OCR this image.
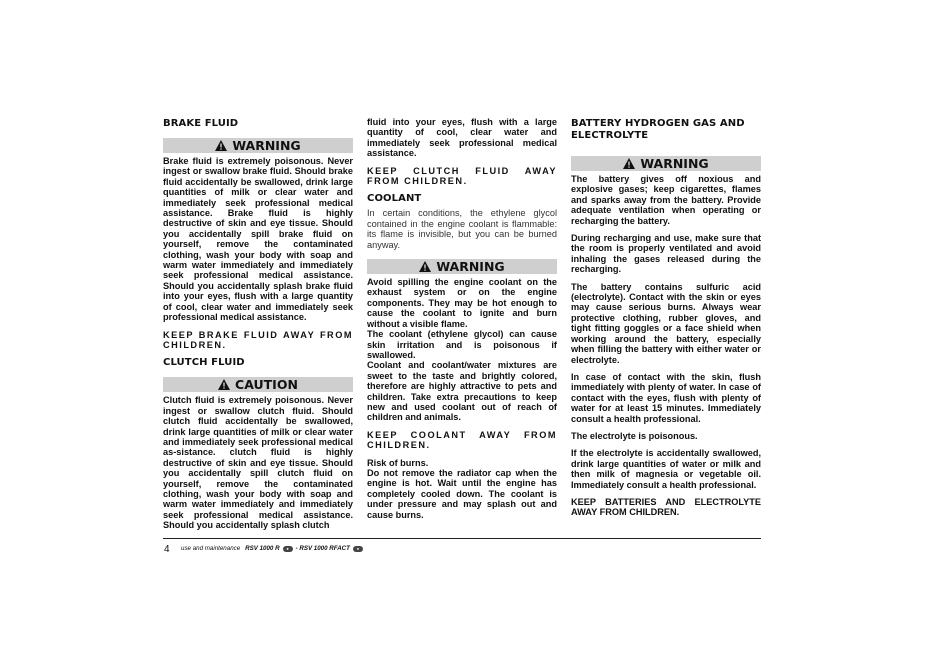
BRAKE FLUID
WARNING
Brake fluid is extremely poisonous. Never ingest or swallow brake fluid. Should brake fluid accidentally be swallowed, drink large quantities of milk or clear water and immediately seek professional medical assistance. Brake fluid is highly destructive of skin and eye tissue. Should you accidentally spill brake fluid on yourself, remove the contaminated clothing, wash your body with soap and warm water immediately and immediately seek professional medical assistance. Should you accidentally splash brake fluid into your eyes, flush with a large quantity of cool, clear water and immediately seek professional medical assistance.
KEEP BRAKE FLUID AWAY FROM CHILDREN.
CLUTCH FLUID
CAUTION
Clutch fluid is extremely poisonous. Never ingest or swallow clutch fluid. Should clutch fluid accidentally be swallowed, drink large quantities of milk or clear water and immediately seek professional medical as-sistance. clutch fluid is highly destructive of skin and eye tissue. Should you accidentally spill clutch fluid on yourself, remove the contaminated clothing, wash your body with soap and warm water immediately and immediately seek professional medical assistance. Should you accidentally splash clutch
fluid into your eyes, flush with a large quantity of cool, clear water and immediately seek professional medical assistance.
KEEP CLUTCH FLUID AWAY FROM CHILDREN.
COOLANT
In certain conditions, the ethylene glycol contained in the engine coolant is flammable: its flame is invisible, but you can be burned anyway.
WARNING
Avoid spilling the engine coolant on the exhaust system or on the engine components. They may be hot enough to cause the coolant to ignite and burn without a visible flame.
The coolant (ethylene glycol) can cause skin irritation and is poisonous if swallowed.
Coolant and coolant/water mixtures are sweet to the taste and brightly colored, therefore are highly attractive to pets and children. Take extra precautions to keep new and used coolant out of reach of children and animals.
KEEP COOLANT AWAY FROM CHILDREN.
Risk of burns.
Do not remove the radiator cap when the engine is hot. Wait until the engine has completely cooled down. The coolant is under pressure and may splash out and cause burns.
BATTERY HYDROGEN GAS AND ELECTROLYTE
WARNING
The battery gives off noxious and explosive gases; keep cigarettes, flames and sparks away from the battery. Provide adequate ventilation when operating or recharging the battery.
During recharging and use, make sure that the room is properly ventilated and avoid inhaling the gases released during the recharging.
The battery contains sulfuric acid (electrolyte). Contact with the skin or eyes may cause serious burns. Always wear protective clothing, rubber gloves, and tight fitting goggles or a face shield when working around the battery, especially when filling the battery with either water or electrolyte.
In case of contact with the skin, flush immediately with plenty of water. In case of contact with the eyes, flush with plenty of water for at least 15 minutes. Immediately consult a health professional.
The electrolyte is poisonous.
If the electrolyte is accidentally swallowed, drink large quantities of water or milk and then milk of magnesia or vegetable oil. Immediately consult a health professional.
KEEP BATTERIES AND ELECTROLYTE AWAY FROM CHILDREN.
4 use and maintenance RSV 1000 R	●	- RSV 1000 RFACT	●
